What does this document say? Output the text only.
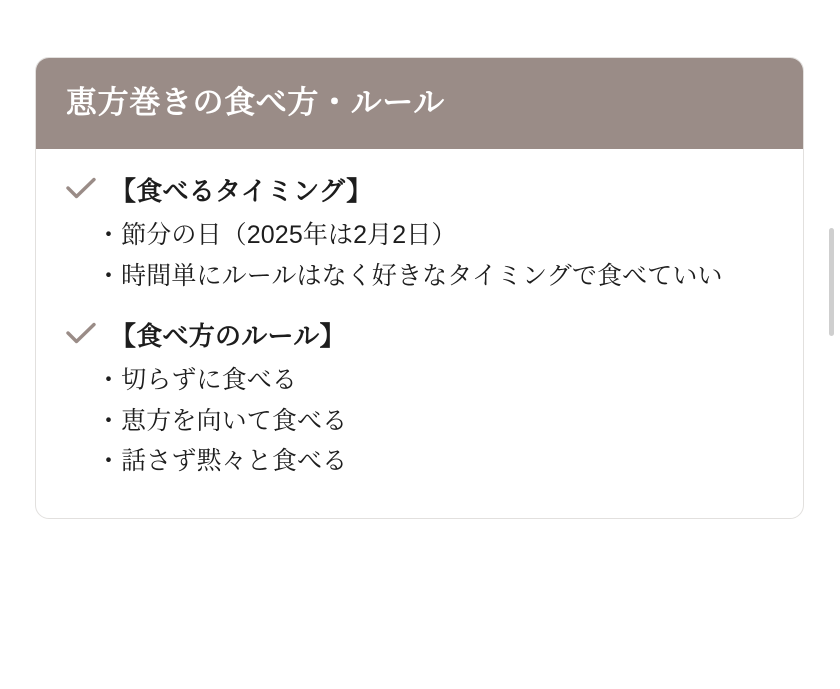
恵方巻きの食べ方・ルール
【食べるタイミング】
・節分の日（2025年は2月2日）
・時間単にルールはなく好きなタイミングで食べていい
【食べ方のルール】
・切らずに食べる
・恵方を向いて食べる
・話さず黙々と食べる
